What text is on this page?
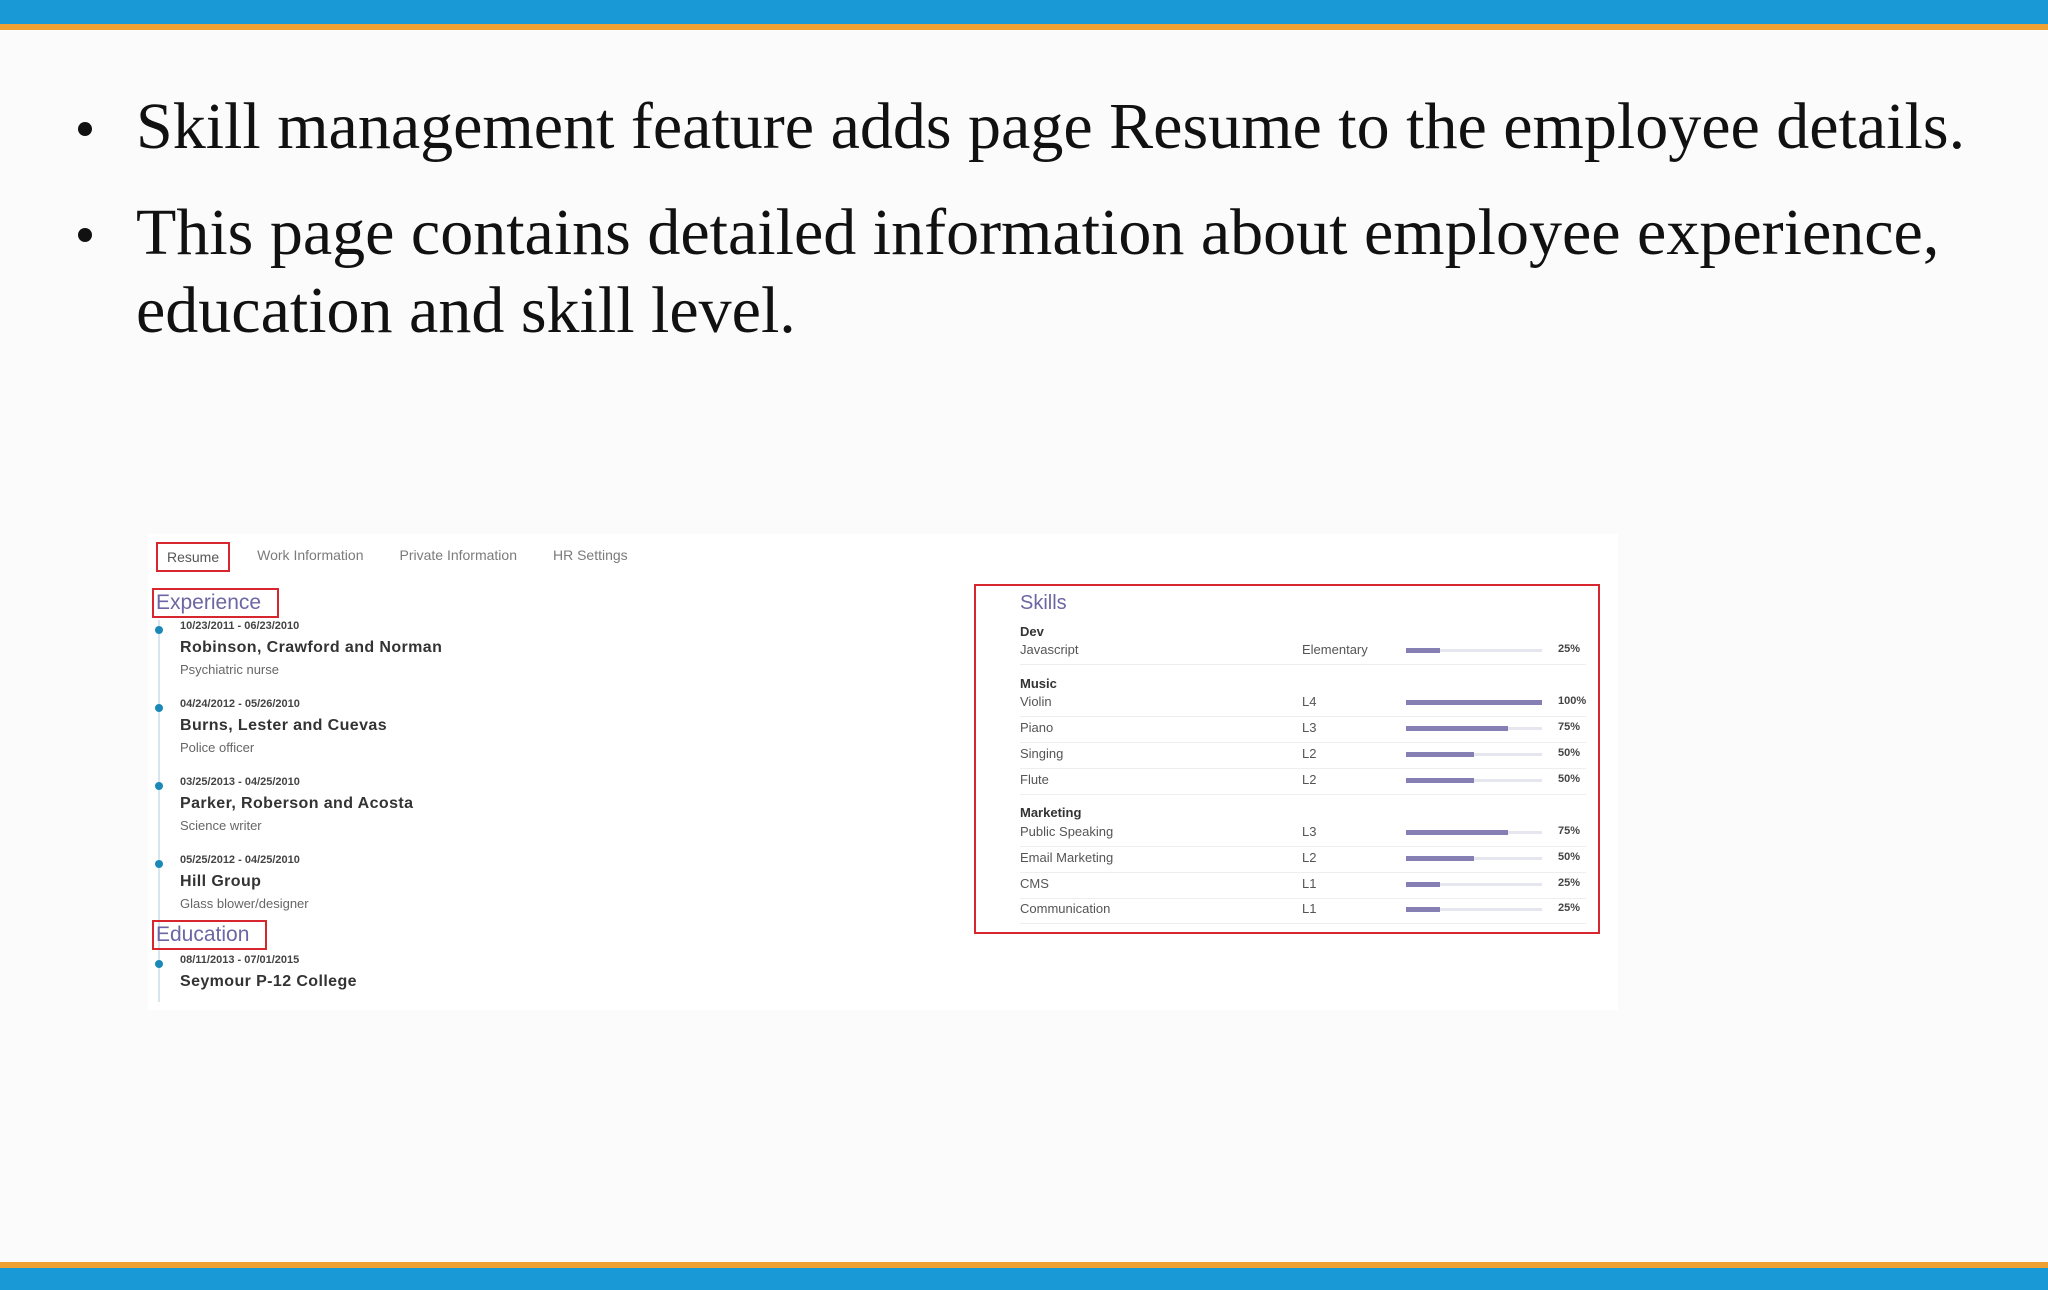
Skill management feature adds page Resume to the employee details.
This page contains detailed information about employee experience, education and skill level.
Resume	Work Information	Private Information	HR Settings
Experience
10/23/2011 - 06/23/2010
Robinson, Crawford and Norman
Psychiatric nurse
04/24/2012 - 05/26/2010
Burns, Lester and Cuevas
Police officer
03/25/2013 - 04/25/2010
Parker, Roberson and Acosta
Science writer
05/25/2012 - 04/25/2010
Hill Group
Glass blower/designer
Education
08/11/2013 - 07/01/2015
Seymour P-12 College
Skills
Dev
Javascript	Elementary	25%
Music
Violin	L4	100%
Piano	L3	75%
Singing	L2	50%
Flute	L2	50%
Marketing
Public Speaking	L3	75%
Email Marketing	L2	50%
CMS	L1	25%
Communication	L1	25%
